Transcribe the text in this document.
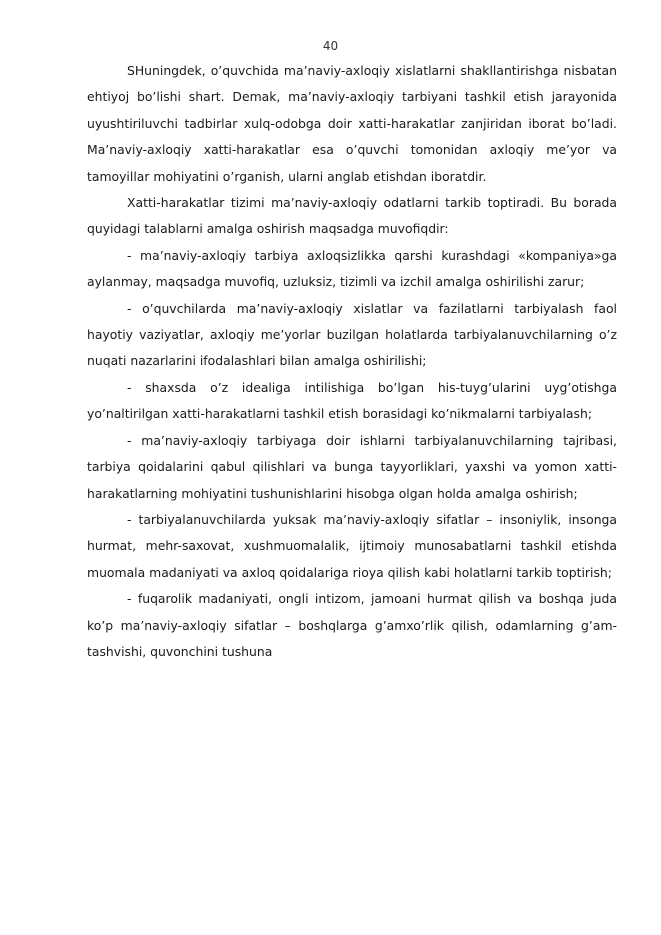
40

SHuningdek, o’quvchida ma’naviy-axloqiy xislatlarni shakllantirishga nisbatan ehtiyoj bo’lishi shart. Demak, ma’naviy-axloqiy tarbiyani tashkil etish jarayonida uyushtiriluvchi tadbirlar xulq-odobga doir xatti-harakatlar zanjiridan iborat bo’ladi. Ma’naviy-axloqiy xatti-harakatlar esa o’quvchi tomonidan axloqiy me’yor va tamoyillar mohiyatini o’rganish, ularni anglab etishdan iboratdir.

Xatti-harakatlar tizimi ma’naviy-axloqiy odatlarni tarkib toptiradi. Bu borada quyidagi talablarni amalga oshirish maqsadga muvofiqdir:

- ma’naviy-axloqiy tarbiya axloqsizlikka qarshi kurashdagi «kompaniya»ga aylanmay, maqsadga muvofiq, uzluksiz, tizimli va izchil amalga oshirilishi zarur;

- o’quvchilarda ma’naviy-axloqiy xislatlar va fazilatlarni tarbiyalash faol hayotiy vaziyatlar, axloqiy me’yorlar buzilgan holatlarda tarbiyalanuvchilarning o’z nuqati nazarlarini ifodalashlari bilan amalga oshirilishi;

- shaxsda o’z idealiga intilishiga bo’lgan his-tuyg’ularini uyg’otishga yo’naltirilgan xatti-harakatlarni tashkil etish borasidagi ko’nikmalarni tarbiyalash;

- ma’naviy-axloqiy tarbiyaga doir ishlarni tarbiyalanuvchilarning tajribasi, tarbiya qoidalarini qabul qilishlari va bunga tayyorliklari, yaxshi va yomon xatti-harakatlarning mohiyatini tushunishlarini hisobga olgan holda amalga oshirish;

- tarbiyalanuvchilarda yuksak ma’naviy-axloqiy sifatlar – insoniylik, insonga hurmat, mehr-saxovat, xushmuomalalik, ijtimoiy munosabatlarni tashkil etishda muomala madaniyati va axloq qoidalariga rioya qilish kabi holatlarni tarkib toptirish;

- fuqarolik madaniyati, ongli intizom, jamoani hurmat qilish va boshqa juda ko’p ma’naviy-axloqiy sifatlar – boshqlarga g’amxo’rlik qilish, odamlarning g’am-tashvishi, quvonchini tushuna
